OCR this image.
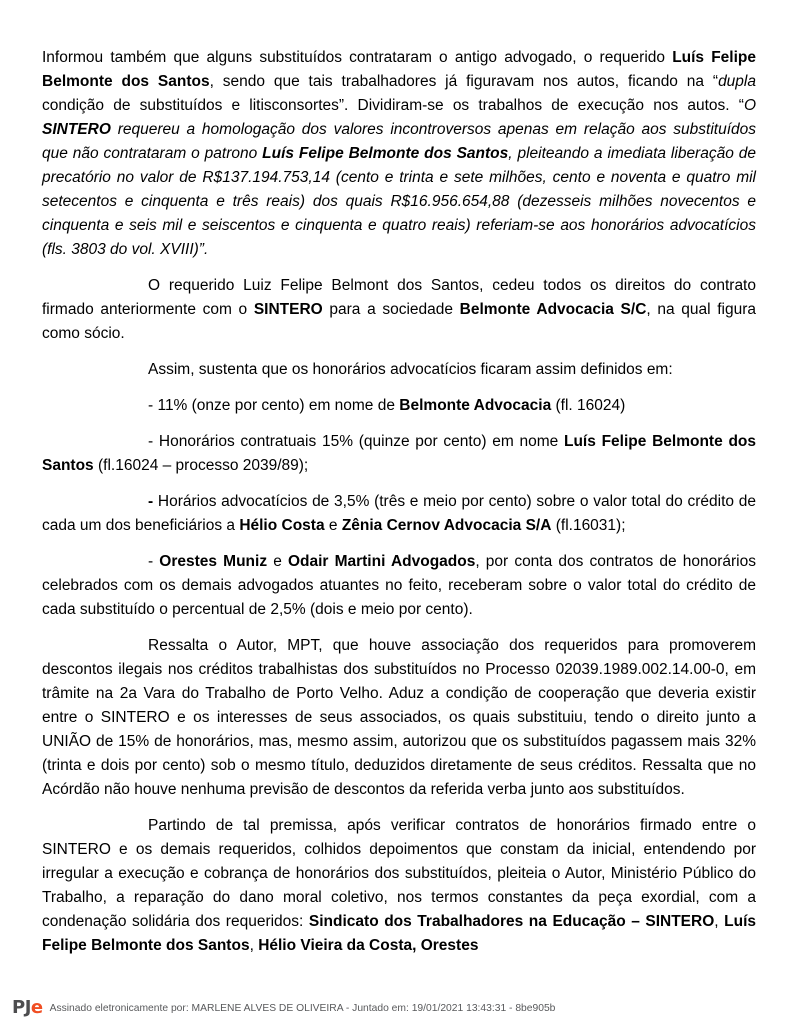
Informou também que alguns substituídos contrataram o antigo advogado, o requerido Luís Felipe Belmonte dos Santos, sendo que tais trabalhadores já figuravam nos autos, ficando na “dupla condição de substituídos e litisconsortes”. Dividiram-se os trabalhos de execução nos autos. “O SINTERO requereu a homologação dos valores incontroversos apenas em relação aos substituídos que não contrataram o patrono Luís Felipe Belmonte dos Santos, pleiteando a imediata liberação de precatório no valor de R$137.194.753,14 (cento e trinta e sete milhões, cento e noventa e quatro mil setecentos e cinquenta e três reais) dos quais R$16.956.654,88 (dezesseis milhões novecentos e cinquenta e seis mil e seiscentos e cinquenta e quatro reais) referiam-se aos honorários advocatícios (fls. 3803 do vol. XVIII)”.

O requerido Luiz Felipe Belmont dos Santos, cedeu todos os direitos do contrato firmado anteriormente com o SINTERO para a sociedade Belmonte Advocacia S/C, na qual figura como sócio.

Assim, sustenta que os honorários advocatícios ficaram assim definidos em:

- 11% (onze por cento) em nome de Belmonte Advocacia (fl. 16024)

- Honorários contratuais 15% (quinze por cento) em nome Luís Felipe Belmonte dos Santos (fl.16024 – processo 2039/89);

- Horários advocatícios de 3,5% (três e meio por cento) sobre o valor total do crédito de cada um dos beneficiários a Hélio Costa e Zênia Cernov Advocacia S/A (fl.16031);

- Orestes Muniz e Odair Martini Advogados, por conta dos contratos de honorários celebrados com os demais advogados atuantes no feito, receberam sobre o valor total do crédito de cada substituído o percentual de 2,5% (dois e meio por cento).

Ressalta o Autor, MPT, que houve associação dos requeridos para promoverem descontos ilegais nos créditos trabalhistas dos substituídos no Processo 02039.1989.002.14.00-0, em trâmite na 2a Vara do Trabalho de Porto Velho. Aduz a condição de cooperação que deveria existir entre o SINTERO e os interesses de seus associados, os quais substituiu, tendo o direito junto a UNIÃO de 15% de honorários, mas, mesmo assim, autorizou que os substituídos pagassem mais 32% (trinta e dois por cento) sob o mesmo título, deduzidos diretamente de seus créditos. Ressalta que no Acórdão não houve nenhuma previsão de descontos da referida verba junto aos substituídos.

Partindo de tal premissa, após verificar contratos de honorários firmado entre o SINTERO e os demais requeridos, colhidos depoimentos que constam da inicial, entendendo por irregular a execução e cobrança de honorários dos substituídos, pleiteia o Autor, Ministério Público do Trabalho, a reparação do dano moral coletivo, nos termos constantes da peça exordial, com a condenação solidária dos requeridos: Sindicato dos Trabalhadores na Educação – SINTERO, Luís Felipe Belmonte dos Santos, Hélio Vieira da Costa, Orestes

PJe Assinado eletronicamente por: MARLENE ALVES DE OLIVEIRA - Juntado em: 19/01/2021 13:43:31 - 8be905b
